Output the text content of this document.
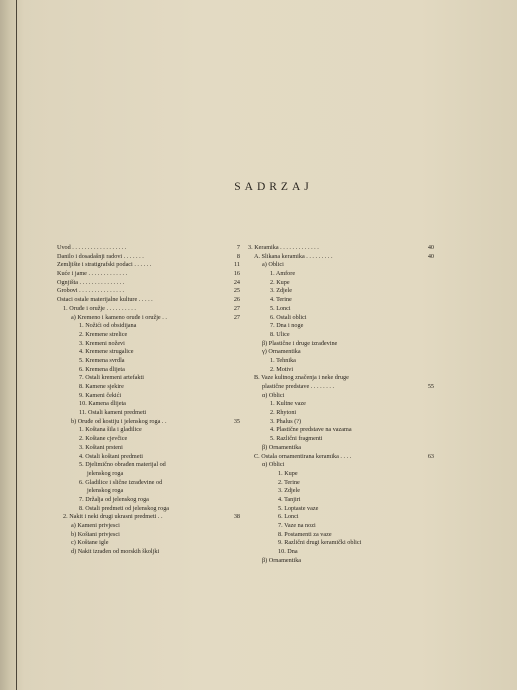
SADRZAJ
Uvod . . . . . . . . . . . . . . . . . .	7
Danilo i dosadašnji radovi . . . . . . .	8
Zemljište i stratigrafski podaci . . . . . .	11
Kuće i jame . . . . . . . . . . . . .	16
Ognjišta . . . . . . . . . . . . . . .	24
Grobovi . . . . . . . . . . . . . . .	25
Ostaci ostale materijalne kulture . . . . .	26
1. Oruđe i oružje . . . . . . . . . .	27
a) Kremeno i kameno oruđe i oružje . .	27
1. Nožići od obsidijana
2. Kremene strelice
3. Kremeni noževi
4. Kremene strugalice
5. Kremena svrdla
6. Kremena dlijeta
7. Ostali kremeni artefakti
8. Kamene sjekire
9. Kameni čekići
10. Kamena dlijeta
11. Ostali kameni predmeti
b) Oruđe od kostiju i jelenskog roga . .	35
1. Koštana šila i gladilice
2. Koštane cjevčice
3. Koštani prsteni
4. Ostali koštani predmeti
5. Djelimično obrađen materijal od
jelenskog roga
6. Gladilice i slične izrađevine od
jelenskog roga
7. Držalja od jelenskog roga
8. Ostali predmeti od jelenskog roga
2. Nakit i neki drugi ukrasni predmeti . .	38
a) Kameni privjesci
b) Koštani privjesci
c) Koštane igle
d) Nakit izrađen od morskih školjki
3. Keramika . . . . . . . . . . . . .	40
A. Slikana keramika . . . . . . . . .	40
a) Oblici
1. Amfore
2. Kupe
3. Zdjele
4. Terine
5. Lonci
6. Ostali oblici
7. Dna i noge
8. Ulice
β) Plastične i druge izrađevine
γ) Ornamentika
1. Tehnika
2. Motivi
B. Vaze kultnog značenja i neke druge
plastične predstave . . . . . . . .	55
α) Oblici
1. Kultne vaze
2. Rhytoni
3. Phalus (?)
4. Plastične predstave na vazama
5. Različni fragmenti
β) Ornamentika
C. Ostala ornamentirana keramika . . . .	63
α) Oblici
1. Kupe
2. Terine
3. Zdjele
4. Tanjiri
5. Loptaste vaze
6. Lonci
7. Vaze na nozi
8. Postamenti za vaze
9. Različni drugi keramički oblici
10. Dna
β) Ornamentika
